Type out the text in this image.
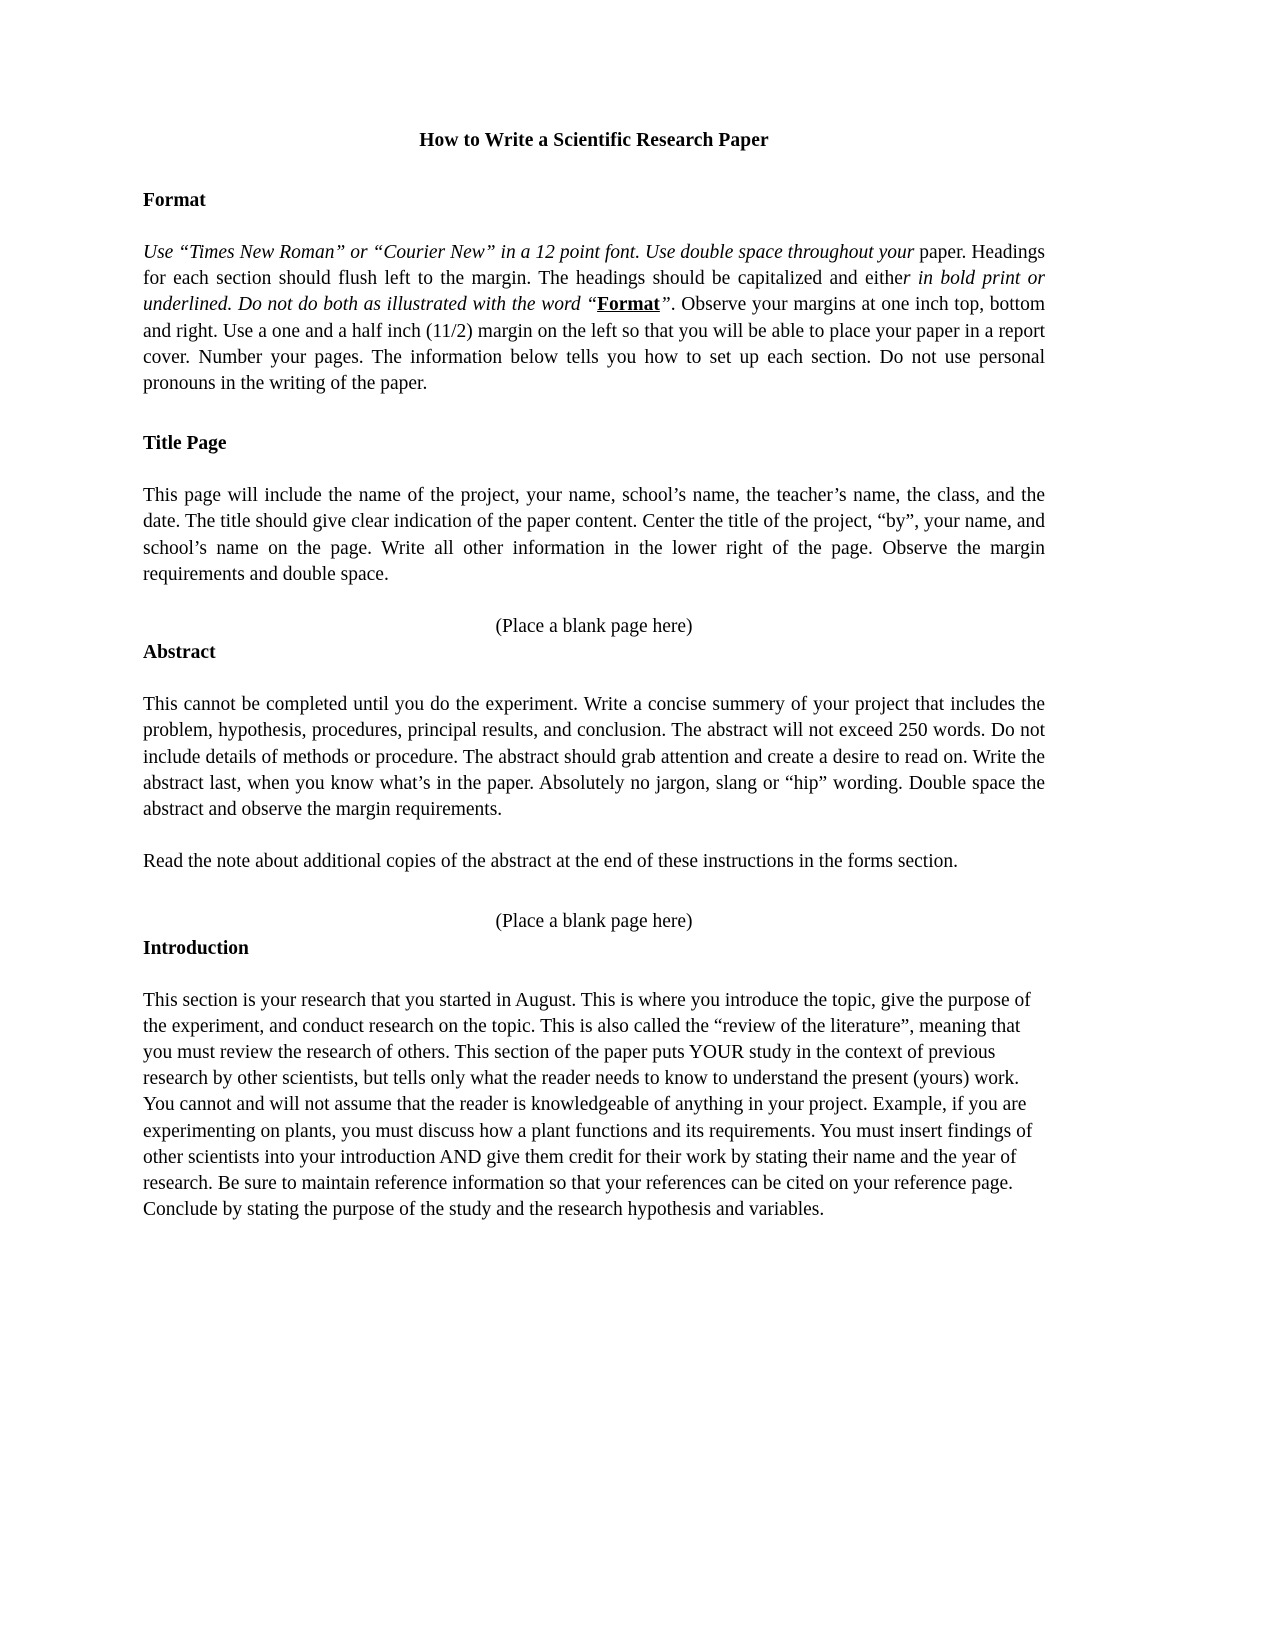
How to Write a Scientific Research Paper
Format

Use “Times New Roman” or “Courier New” in a 12 point font. Use double space throughout your paper. Headings for each section should flush left to the margin. The headings should be capitalized and either in bold print or underlined. Do not do both as illustrated with the word “Format”. Observe your margins at one inch top, bottom and right. Use a one and a half inch (11/2) margin on the left so that you will be able to place your paper in a report cover. Number your pages. The information below tells you how to set up each section. Do not use personal pronouns in the writing of the paper.

Title Page

This page will include the name of the project, your name, school’s name, the teacher’s name, the class, and the date. The title should give clear indication of the paper content. Center the title of the project, “by”, your name, and school’s name on the page. Write all other information in the lower right of the page. Observe the margin requirements and double space.

(Place a blank page here)

Abstract

This cannot be completed until you do the experiment. Write a concise summery of your project that includes the problem, hypothesis, procedures, principal results, and conclusion. The abstract will not exceed 250 words. Do not include details of methods or procedure. The abstract should grab attention and create a desire to read on. Write the abstract last, when you know what’s in the paper. Absolutely no jargon, slang or “hip” wording. Double space the abstract and observe the margin requirements.

Read the note about additional copies of the abstract at the end of these instructions in the forms section.

(Place a blank page here)

Introduction

This section is your research that you started in August. This is where you introduce the topic, give the purpose of the experiment, and conduct research on the topic. This is also called the “review of the literature”, meaning that you must review the research of others. This section of the paper puts YOUR study in the context of previous research by other scientists, but tells only what the reader needs to know to understand the present (yours) work. You cannot and will not assume that the reader is knowledgeable of anything in your project. Example, if you are experimenting on plants, you must discuss how a plant functions and its requirements. You must insert findings of other scientists into your introduction AND give them credit for their work by stating their name and the year of research. Be sure to maintain reference information so that your references can be cited on your reference page. Conclude by stating the purpose of the study and the research hypothesis and variables.
